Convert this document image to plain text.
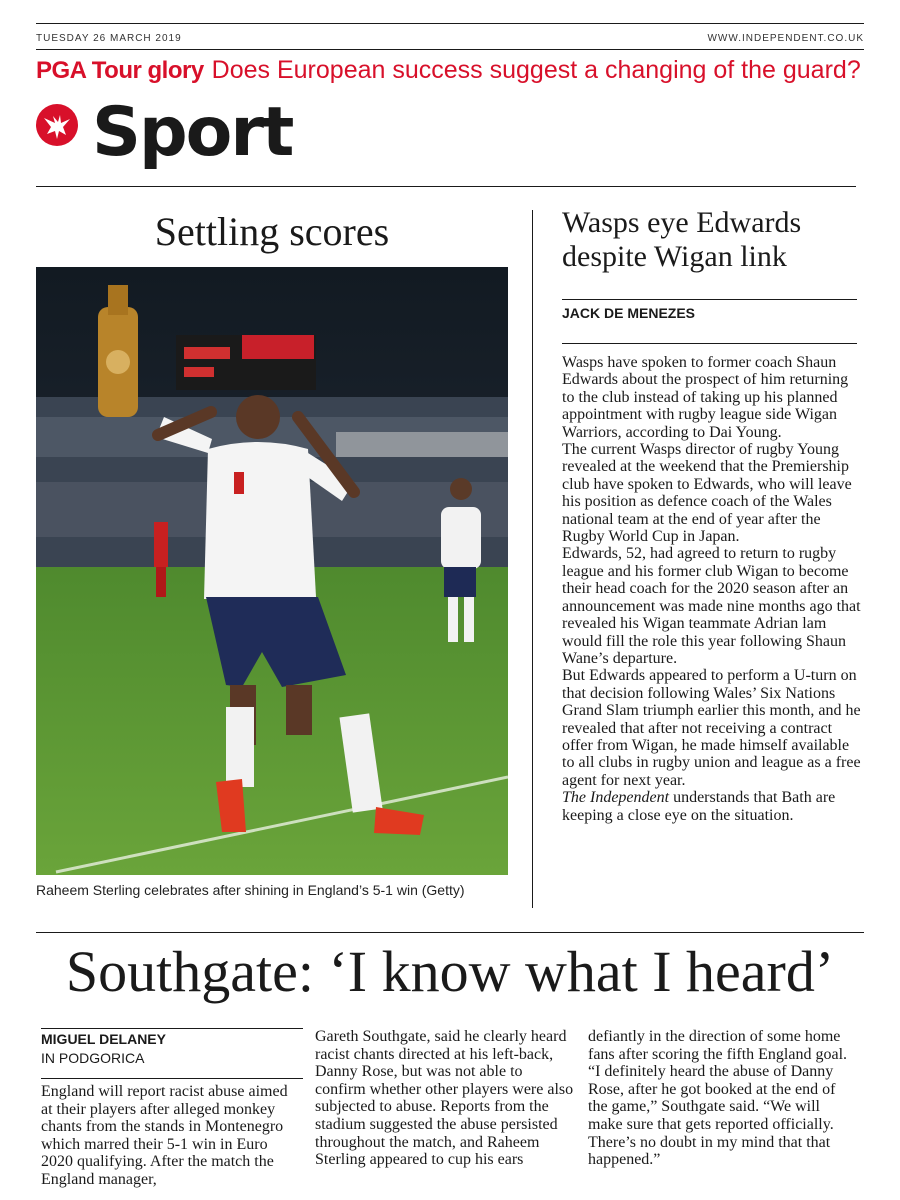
TUESDAY 26 MARCH 2019	WWW.INDEPENDENT.CO.UK
PGA Tour glory Does European success suggest a changing of the guard?
Sport
Settling scores
Raheem Sterling celebrates after shining in England’s 5-1 win (Getty)
Wasps eye Edwards
despite Wigan link
JACK DE MENEZES

Wasps have spoken to former coach Shaun Edwards about the prospect of him returning to the club instead of taking up his planned appointment with rugby league side Wigan Warriors, according to Dai Young.

The current Wasps director of rugby Young revealed at the weekend that the Premiership club have spoken to Edwards, who will leave his position as defence coach of the Wales national team at the end of year after the Rugby World Cup in Japan.

Edwards, 52, had agreed to return to rugby league and his former club Wigan to become their head coach for the 2020 season after an announcement was made nine months ago that revealed his Wigan teammate Adrian lam would fill the role this year following Shaun Wane’s departure.

But Edwards appeared to perform a U-turn on that decision following Wales’ Six Nations Grand Slam triumph earlier this month, and he revealed that after not receiving a contract offer from Wigan, he made himself available to all clubs in rugby union and league as a free agent for next year.

The Independent understands that Bath are keeping a close eye on the situation.

Southgate: ‘I know what I heard’
MIGUEL DELANEY
IN PODGORICA

England will report racist abuse aimed at their players after alleged monkey chants from the stands in Montenegro which marred their 5-1 win in Euro 2020 qualifying. After the match the England manager,

Gareth Southgate, said he clearly heard racist chants directed at his left-back, Danny Rose, but was not able to confirm whether other players were also subjected to abuse. Reports from the stadium suggested the abuse persisted throughout the match, and Raheem Sterling appeared to cup his ears

defiantly in the direction of some home fans after scoring the fifth England goal.

“I definitely heard the abuse of Danny Rose, after he got booked at the end of the game,” Southgate said. “We will make sure that gets reported officially. There’s no doubt in my mind that that happened.”
